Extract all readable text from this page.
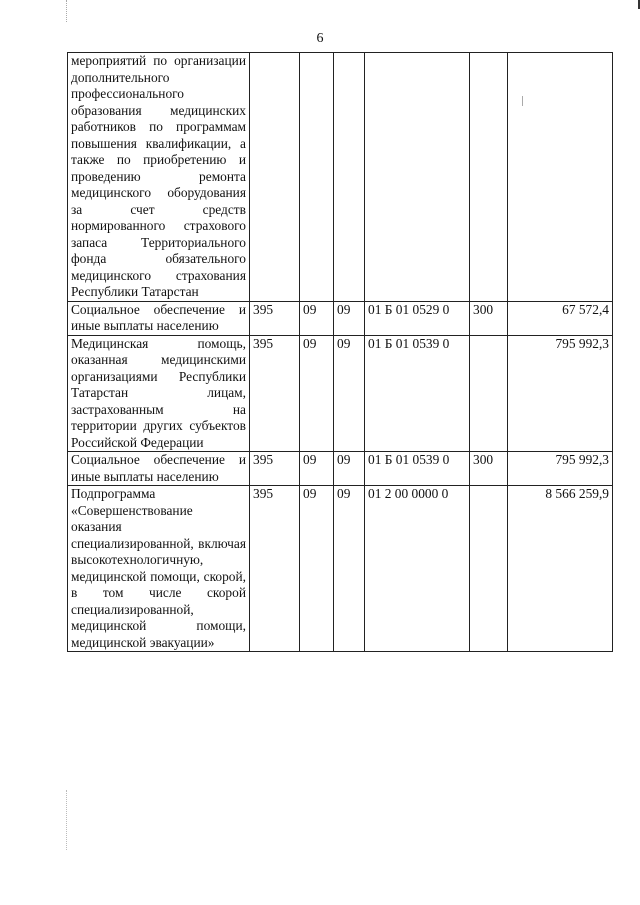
6
мероприятий по организации дополнительного профессионального образования медицинских работников по программам повышения квалификации, а также по приобретению и проведению ремонта медицинского оборудования за счет средств нормированного страхового запаса Территориального фонда обязательного медицинского страхования Республики Татарстан						
Социальное обеспечение и иные выплаты населению	395	09	09	01 Б 01 0529 0	300	67 572,4
Медицинская помощь, оказанная медицинскими организациями Республики Татарстан лицам, застрахованным на территории других субъектов Российской Федерации	395	09	09	01 Б 01 0539 0		795 992,3
Социальное обеспечение и иные выплаты населению	395	09	09	01 Б 01 0539 0	300	795 992,3
Подпрограмма «Совершенствование оказания специализированной, включая высокотехнологичную, медицинской помощи, скорой, в том числе скорой специализированной, медицинской помощи, медицинской эвакуации»	395	09	09	01 2 00 0000 0		8 566 259,9
